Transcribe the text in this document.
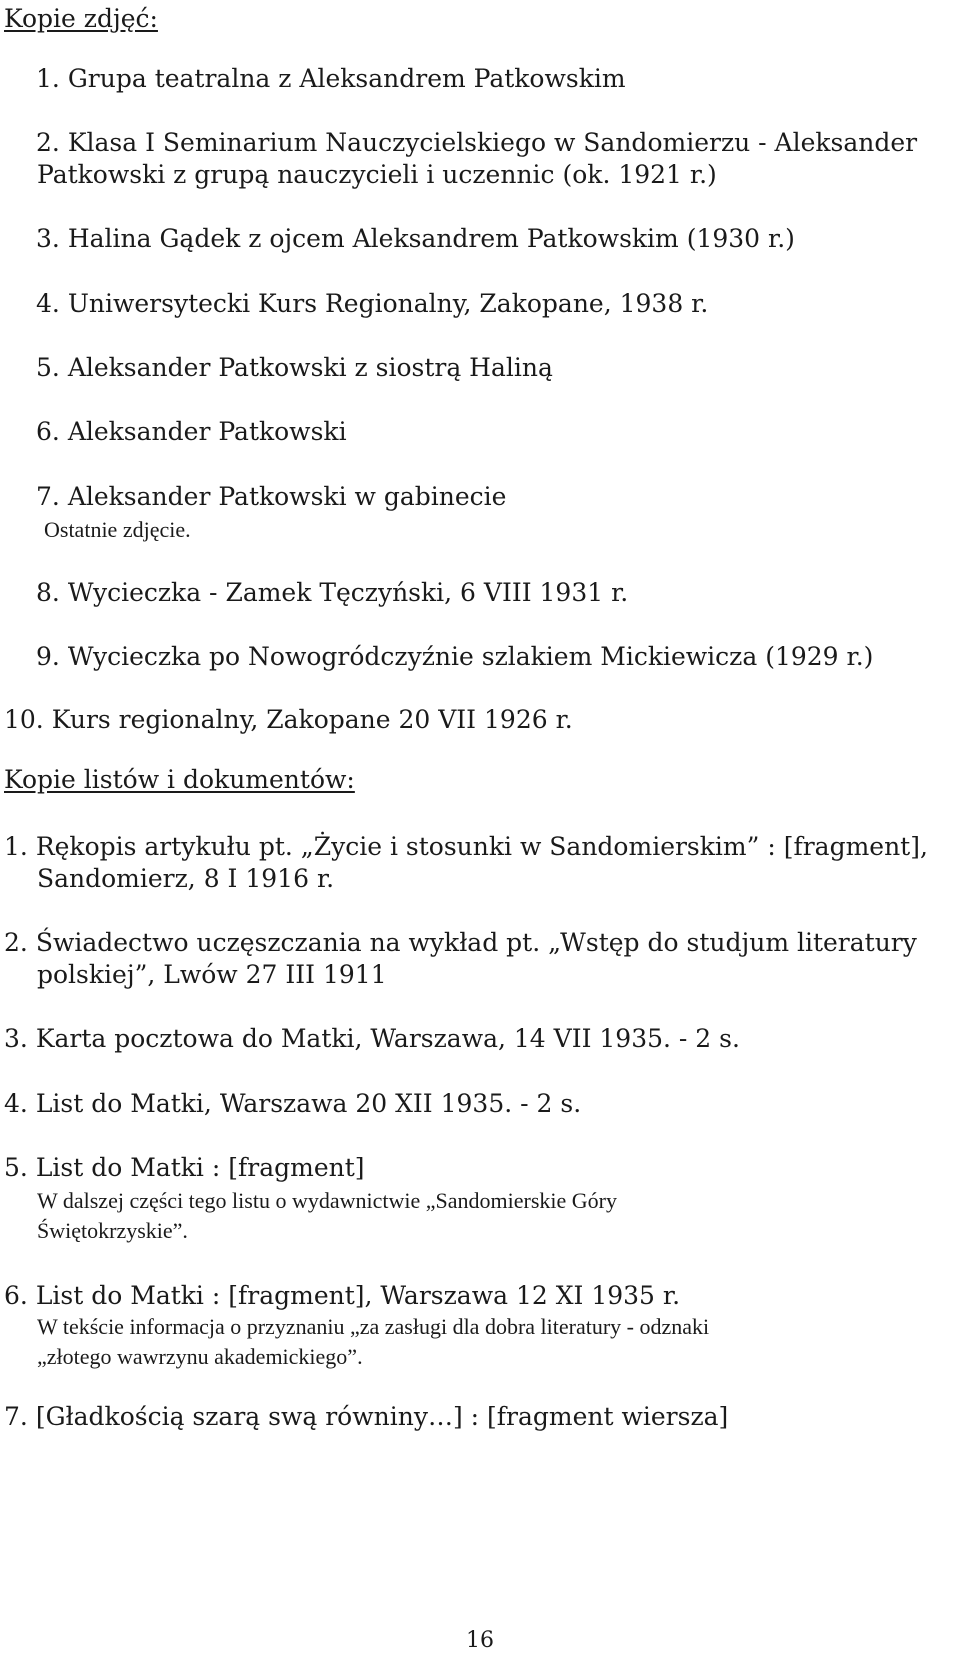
Kopie zdjęć:
1. Grupa teatralna z Aleksandrem Patkowskim
2. Klasa I Seminarium Nauczycielskiego w Sandomierzu - Aleksander
Patkowski z grupą nauczycieli i uczennic (ok. 1921 r.)
3. Halina Gądek z ojcem Aleksandrem Patkowskim (1930 r.)
4. Uniwersytecki Kurs Regionalny, Zakopane, 1938 r.
5. Aleksander Patkowski z siostrą Haliną
6. Aleksander Patkowski
7. Aleksander Patkowski w gabinecie
Ostatnie zdjęcie.
8. Wycieczka - Zamek Tęczyński, 6 VIII 1931 r.
9. Wycieczka po Nowogródczyźnie szlakiem Mickiewicza (1929 r.)
10. Kurs regionalny, Zakopane 20 VII 1926 r.
Kopie listów i dokumentów:
1. Rękopis artykułu pt. „Życie i stosunki w Sandomierskim” : [fragment],
Sandomierz, 8 I 1916 r.
2. Świadectwo uczęszczania na wykład pt. „Wstęp do studjum literatury
polskiej”, Lwów 27 III 1911
3. Karta pocztowa do Matki, Warszawa, 14 VII 1935. - 2 s.
4. List do Matki, Warszawa 20 XII 1935. - 2 s.
5. List do Matki : [fragment]
W dalszej części tego listu o wydawnictwie „Sandomierskie Góry
Świętokrzyskie”.
6. List do Matki : [fragment], Warszawa 12 XI 1935 r.
W tekście informacja o przyznaniu „za zasługi dla dobra literatury - odznaki
„złotego wawrzynu akademickiego”.
7. [Gładkością szarą swą równiny…] : [fragment wiersza]
16
